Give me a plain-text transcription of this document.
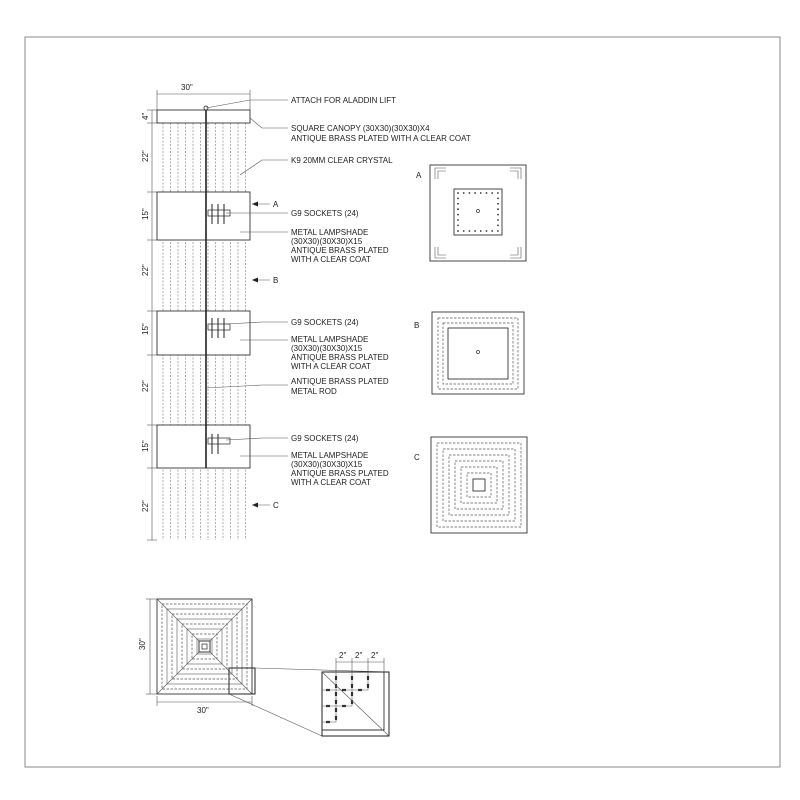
30"
4"
22"
15"
22"
15"
22"
15"
22"
A
B
C
ATTACH FOR ALADDIN LIFT
SQUARE CANOPY (30X30)(30X30)X4
ANTIQUE BRASS PLATED WITH A CLEAR COAT
K9 20MM CLEAR CRYSTAL
G9 SOCKETS (24)
METAL LAMPSHADE
(30X30)(30X30)X15
ANTIQUE BRASS PLATED
WITH A CLEAR COAT
G9 SOCKETS (24)
METAL LAMPSHADE
(30X30)(30X30)X15
ANTIQUE BRASS PLATED
WITH A CLEAR COAT
ANTIQUE BRASS PLATED
METAL ROD
G9 SOCKETS (24)
METAL LAMPSHADE
(30X30)(30X30)X15
ANTIQUE BRASS PLATED
WITH A CLEAR COAT
A
B
C
30"
30"
2" 2" 2"
